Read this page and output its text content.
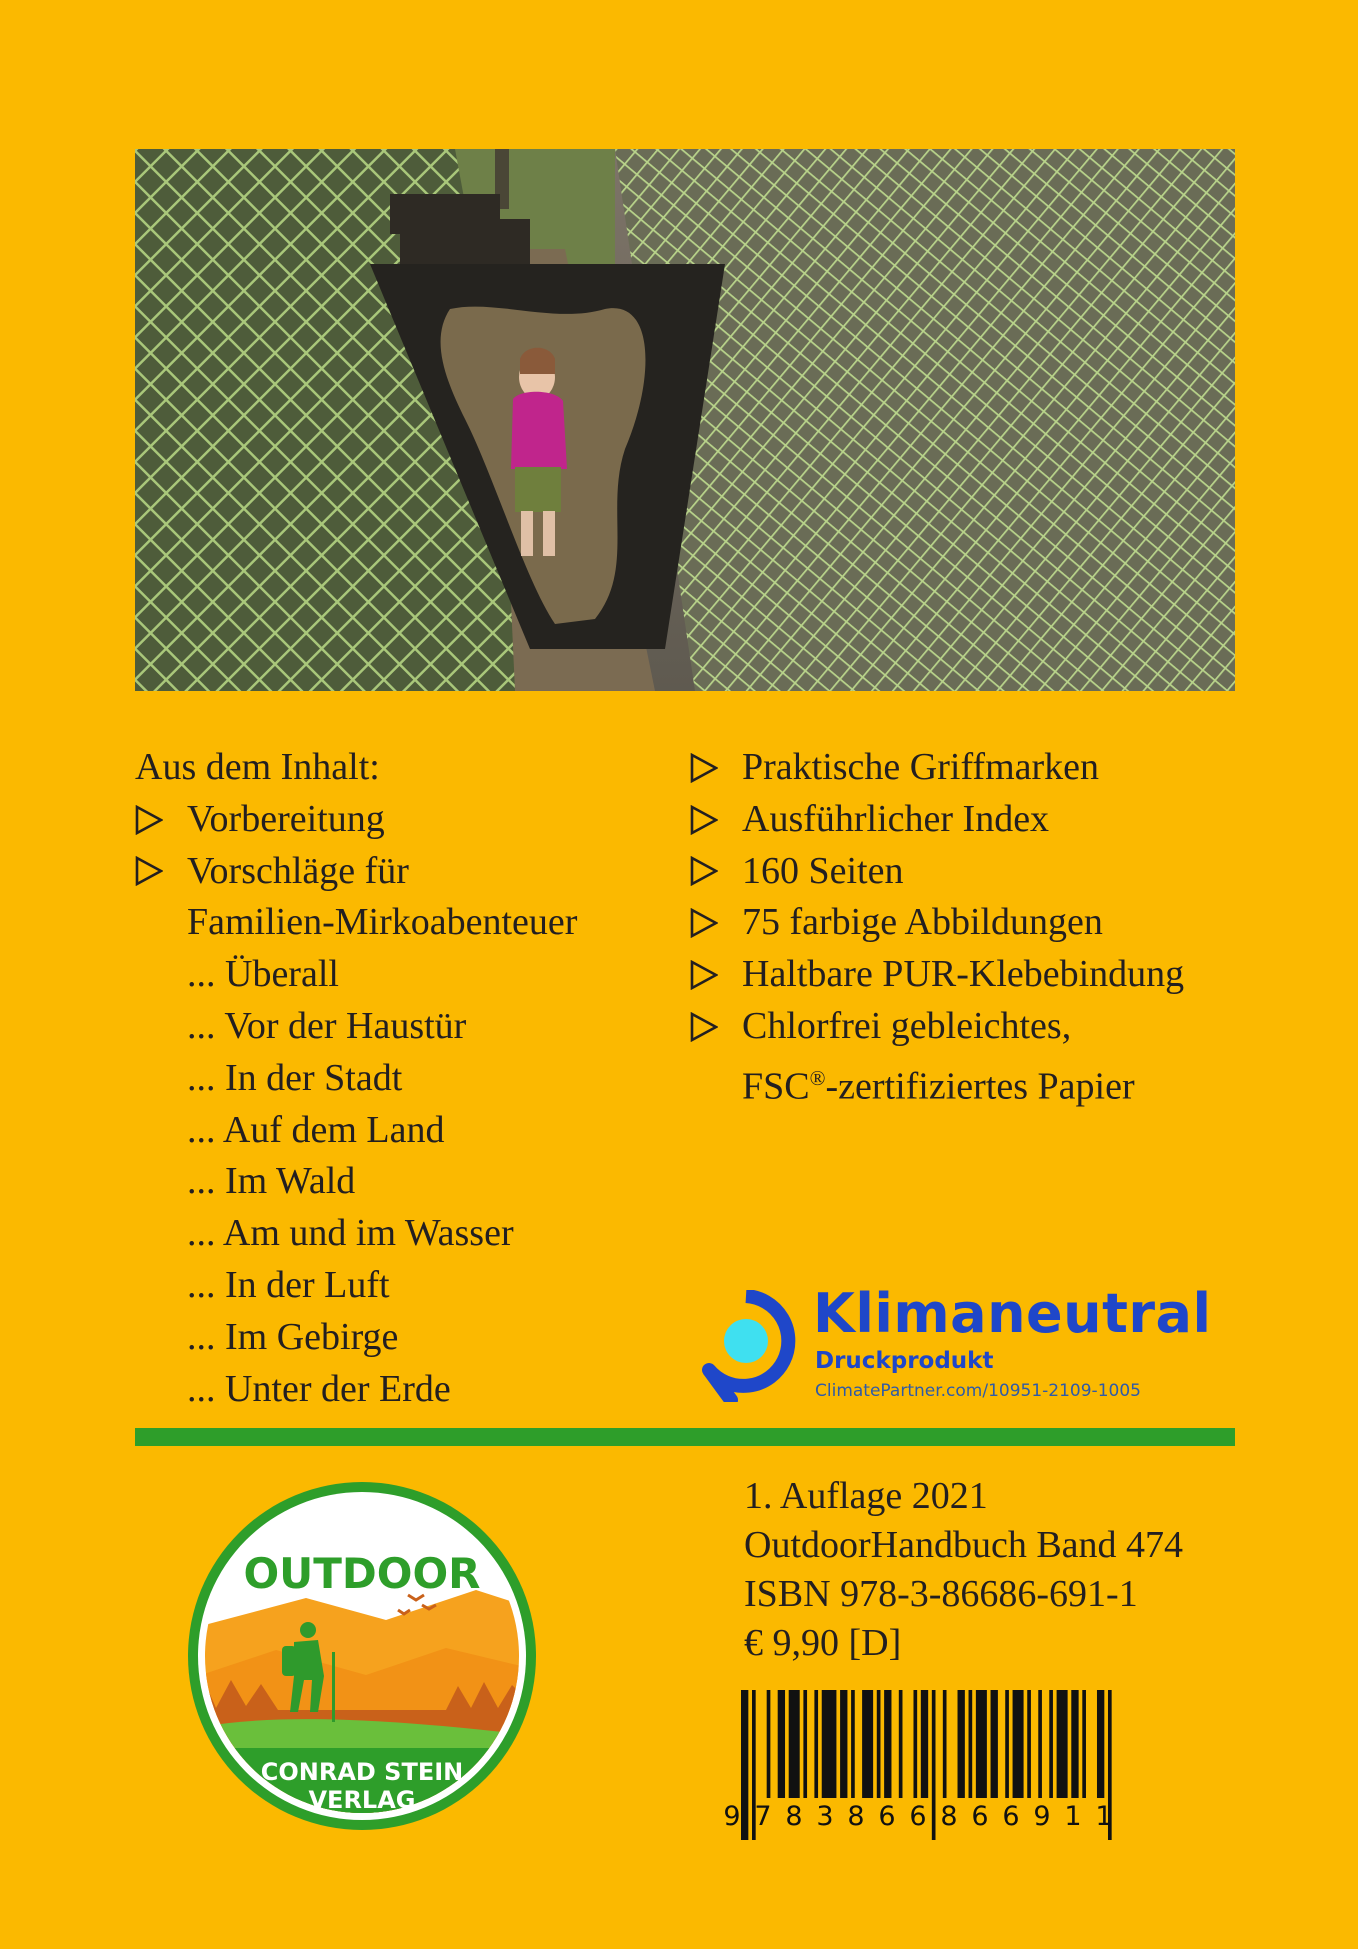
Aus dem Inhalt:
Vorbereitung
Vorschläge für
Familien-Mirkoabenteuer
... Überall
... Vor der Haustür
... In der Stadt
... Auf dem Land
... Im Wald
... Am und im Wasser
... In der Luft
... Im Gebirge
... Unter der Erde
Praktische Griffmarken
Ausführlicher Index
160 Seiten
75 farbige Abbildungen
Haltbare PUR-Klebebindung
Chlorfrei gebleichtes,
FSC®-zertifiziertes Papier
Klimaneutral
Druckprodukt
ClimatePartner.com/10951-2109-1005
OUTDOOR
CONRAD STEIN
VERLAG
1. Auflage 2021
OutdoorHandbuch Band 474
ISBN 978-3-86686-691-1
€ 9,90 [D]
9 7 8 3 8 6 6 8 6 6 9 1 1
